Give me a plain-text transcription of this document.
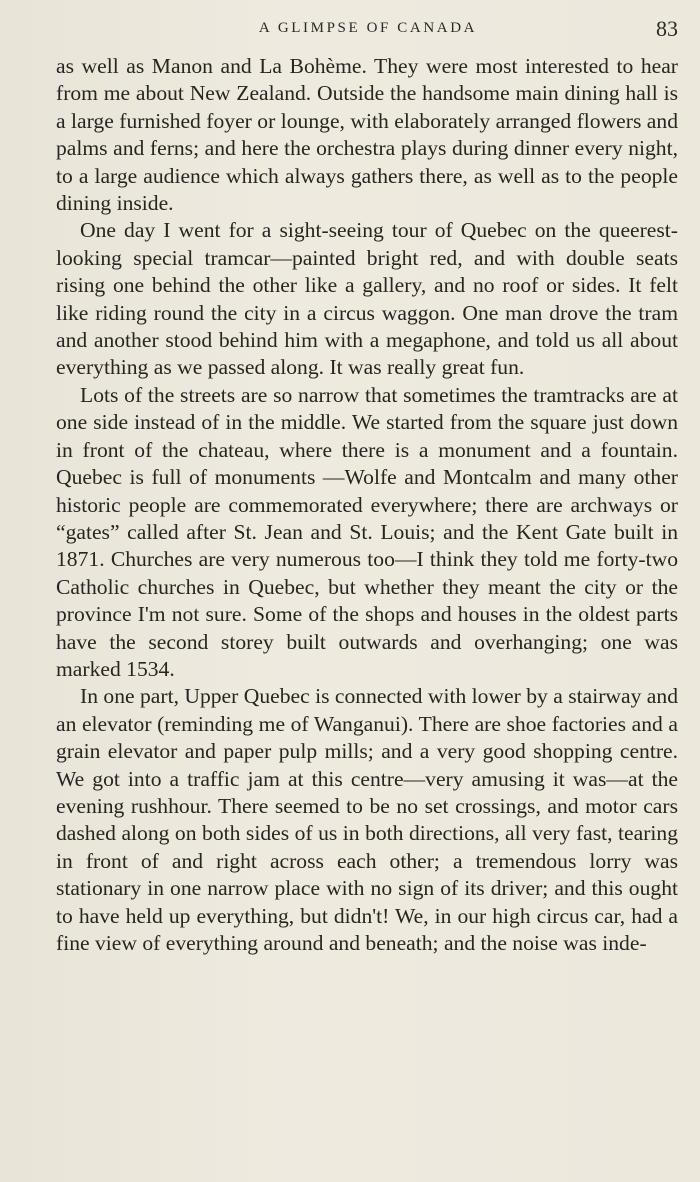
A GLIMPSE OF CANADA	83

as well as Manon and La Bohème. They were most interested to hear from me about New Zealand. Outside the handsome main dining hall is a large furnished foyer or lounge, with elaborately arranged flowers and palms and ferns; and here the orchestra plays during dinner every night, to a large audience which always gathers there, as well as to the people dining inside.

One day I went for a sight-seeing tour of Quebec on the queerest-looking special tramcar—painted bright red, and with double seats rising one behind the other like a gallery, and no roof or sides. It felt like riding round the city in a circus waggon. One man drove the tram and another stood behind him with a megaphone, and told us all about everything as we passed along. It was really great fun.

Lots of the streets are so narrow that sometimes the tramtracks are at one side instead of in the middle. We started from the square just down in front of the chateau, where there is a monument and a fountain. Quebec is full of monuments —Wolfe and Montcalm and many other historic people are commemorated everywhere; there are archways or “gates” called after St. Jean and St. Louis; and the Kent Gate built in 1871. Churches are very numerous too—I think they told me forty-two Catholic churches in Quebec, but whether they meant the city or the province I'm not sure. Some of the shops and houses in the oldest parts have the second storey built outwards and overhanging; one was marked 1534.

In one part, Upper Quebec is connected with lower by a stairway and an elevator (reminding me of Wanganui). There are shoe factories and a grain elevator and paper pulp mills; and a very good shopping centre. We got into a traffic jam at this centre—very amusing it was—at the evening rushhour. There seemed to be no set crossings, and motor cars dashed along on both sides of us in both directions, all very fast, tearing in front of and right across each other; a tremendous lorry was stationary in one narrow place with no sign of its driver; and this ought to have held up everything, but didn't! We, in our high circus car, had a fine view of everything around and beneath; and the noise was inde-
